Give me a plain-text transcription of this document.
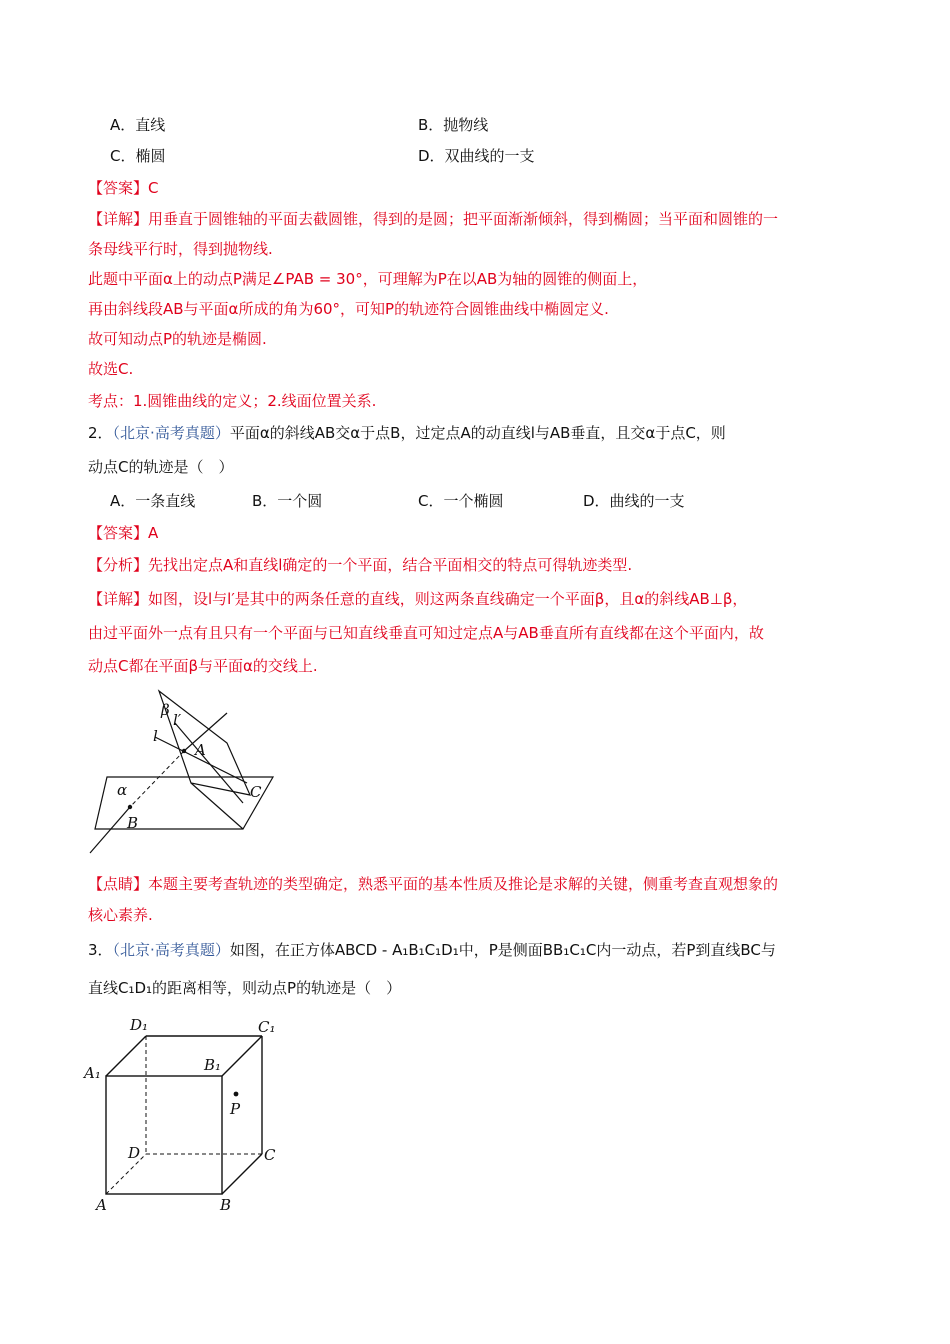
A．直线	B．抛物线
C．椭圆	D．双曲线的一支
【答案】C
【详解】用垂直于圆锥轴的平面去截圆锥，得到的是圆；把平面渐渐倾斜，得到椭圆；当平面和圆锥的一
条母线平行时，得到抛物线.
此题中平面α上的动点P满足∠PAB = 30°，可理解为P在以AB为轴的圆锥的侧面上，
再由斜线段AB与平面α所成的角为60°，可知P的轨迹符合圆锥曲线中椭圆定义.
故可知动点P的轨迹是椭圆.
故选C.
考点：1.圆锥曲线的定义；2.线面位置关系.
2．（北京·高考真题）平面α的斜线AB交α于点B，过定点A的动直线l与AB垂直，且交α于点C，则
动点C的轨迹是（　）
A．一条直线	B．一个圆	C．一个椭圆	D．曲线的一支
【答案】A
【分析】先找出定点A和直线l确定的一个平面，结合平面相交的特点可得轨迹类型.
【详解】如图，设l与l′是其中的两条任意的直线，则这两条直线确定一个平面β，且α的斜线AB⊥β，
由过平面外一点有且只有一个平面与已知直线垂直可知过定点A与AB垂直所有直线都在这个平面内，故
动点C都在平面β与平面α的交线上.
β
l′
l
A
α	C
B
【点睛】本题主要考查轨迹的类型确定，熟悉平面的基本性质及推论是求解的关键，侧重考查直观想象的
核心素养.
3．（北京·高考真题）如图，在正方体ABCD - A₁B₁C₁D₁中，P是侧面BB₁C₁C内一动点，若P到直线BC与
直线C₁D₁的距离相等，则动点P的轨迹是（　）
D₁	C₁
A₁	B₁
P
D	C
A	B
